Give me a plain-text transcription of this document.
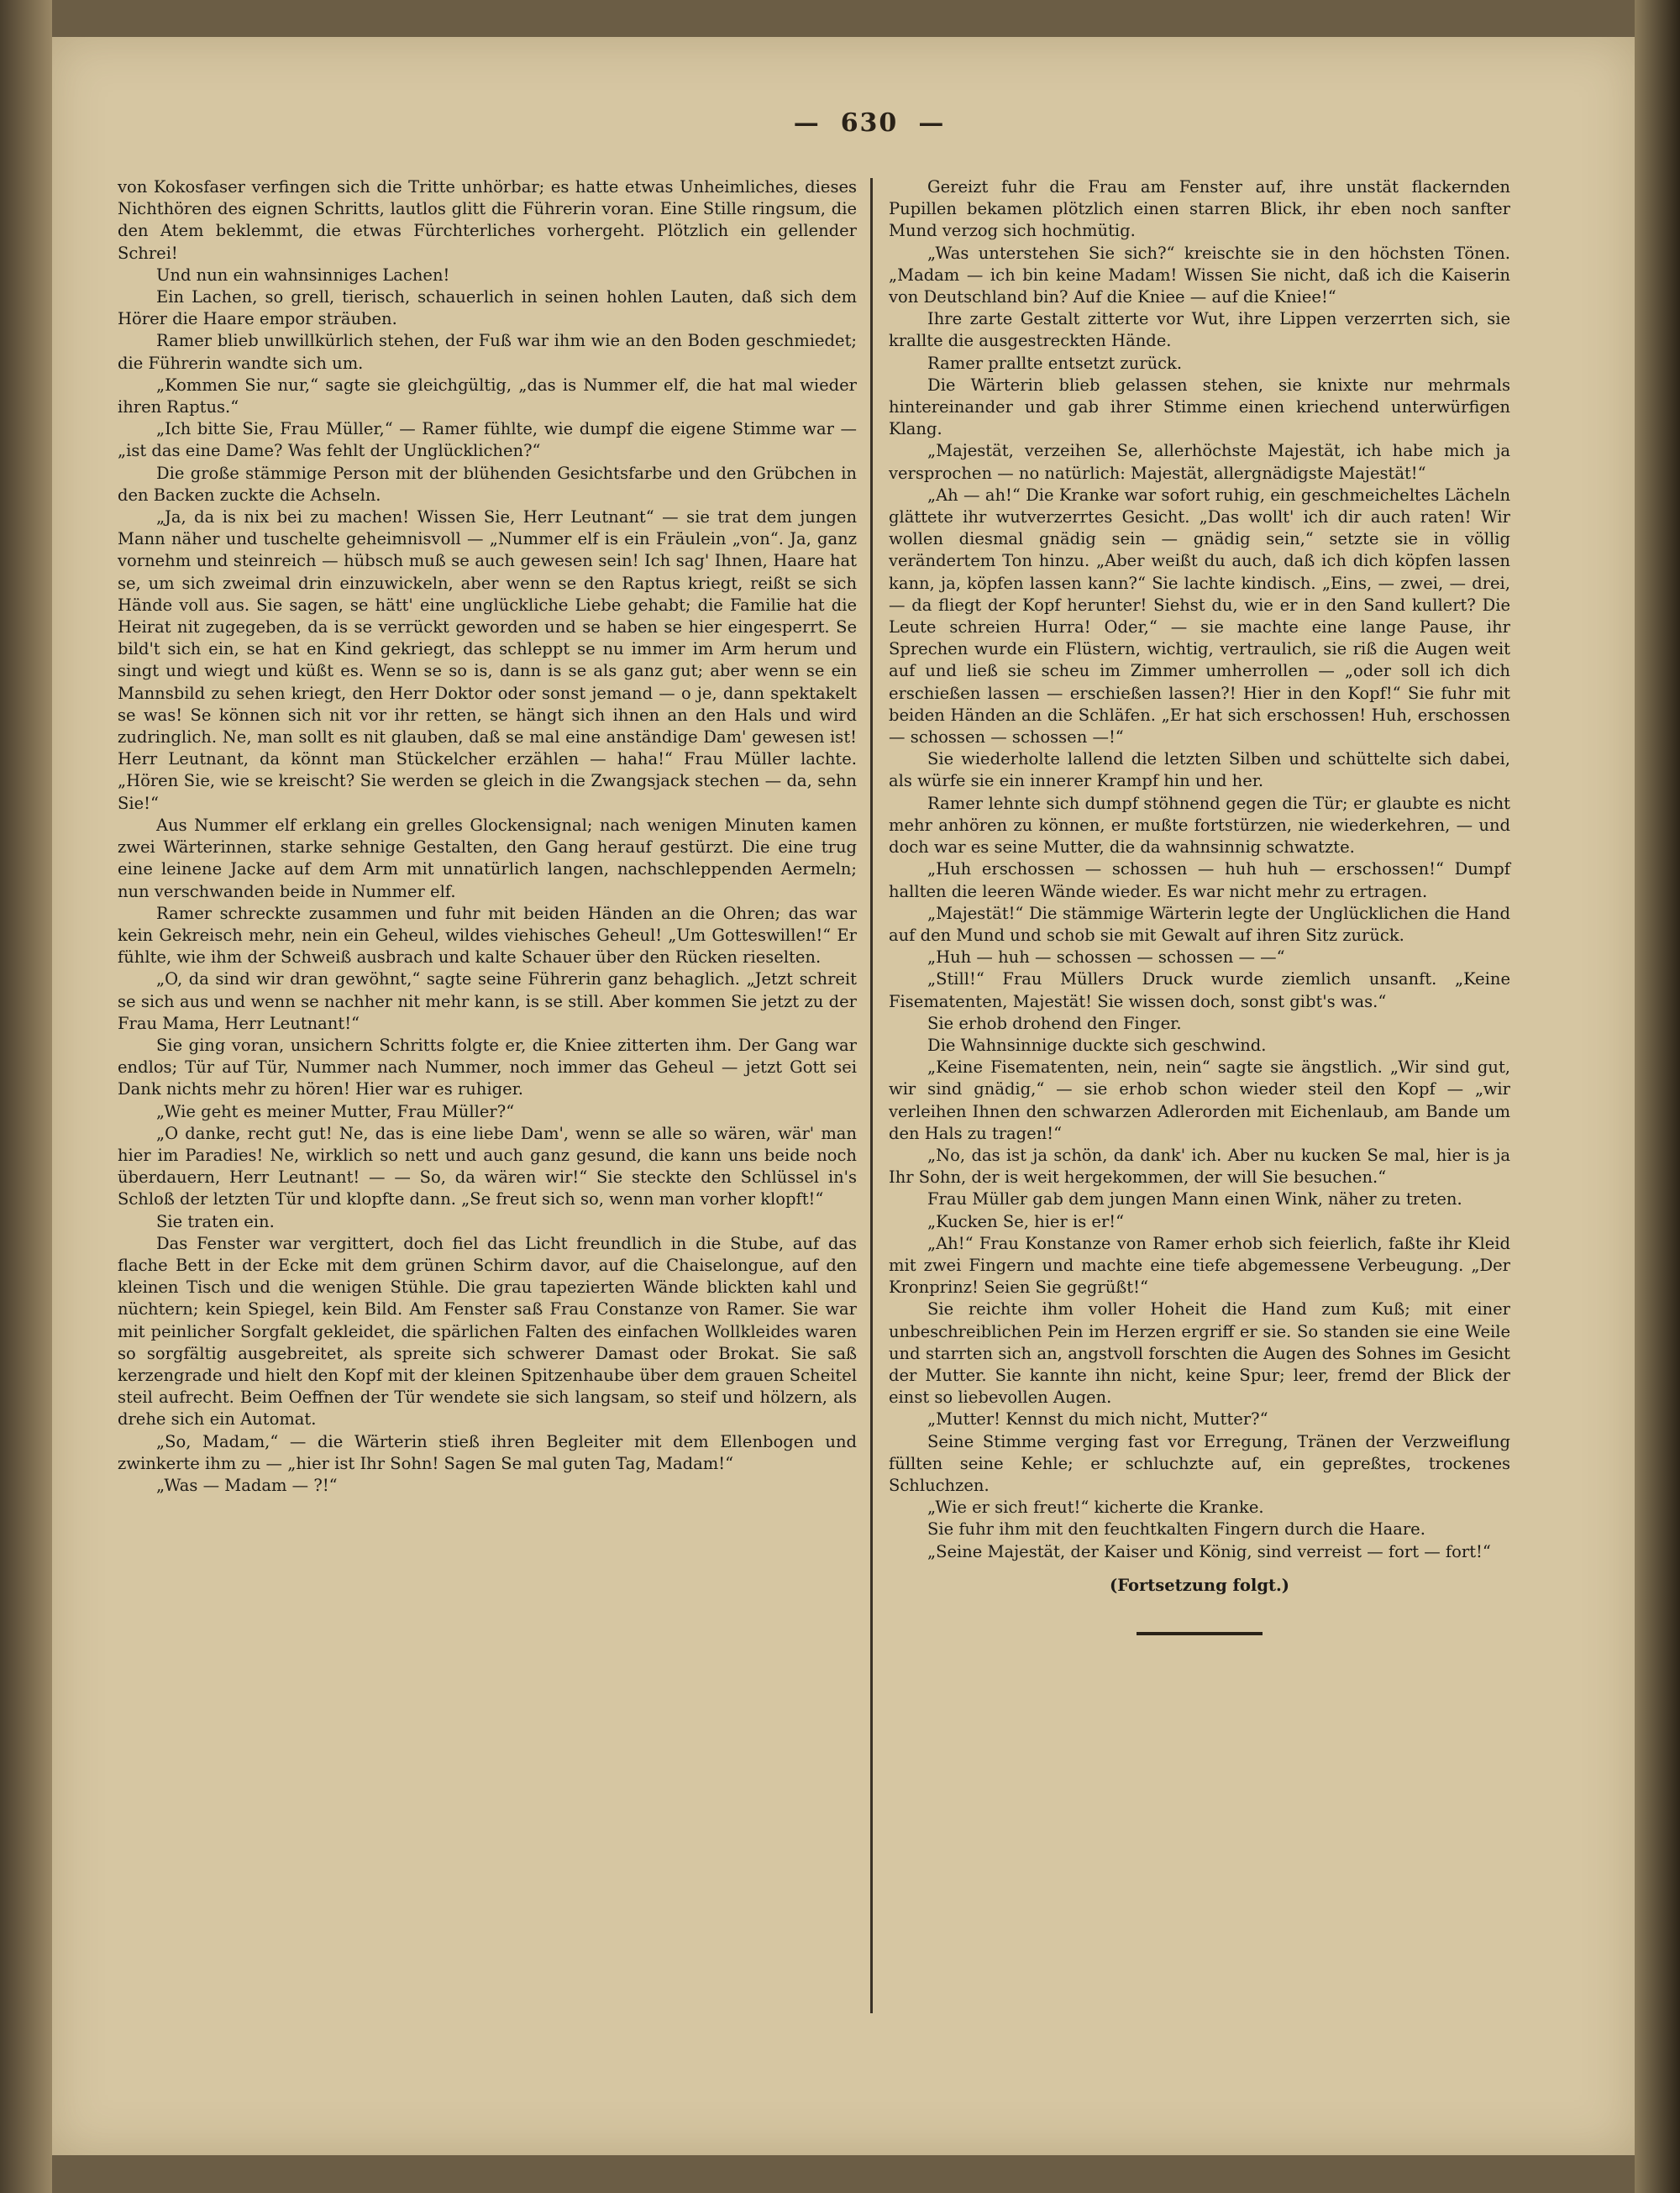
— 630 —

von Kokosfaser verfingen sich die Tritte unhörbar; es hatte etwas Unheimliches, dieses Nichthören des eignen Schritts, lautlos glitt die Führerin voran. Eine Stille ringsum, die den Atem beklemmt, die etwas Fürchterliches vorhergeht. Plötzlich ein gellender Schrei!

Und nun ein wahnsinniges Lachen!

Ein Lachen, so grell, tierisch, schauerlich in seinen hohlen Lauten, daß sich dem Hörer die Haare empor sträuben.

Ramer blieb unwillkürlich stehen, der Fuß war ihm wie an den Boden geschmiedet; die Führerin wandte sich um.

„Kommen Sie nur,“ sagte sie gleichgültig, „das is Nummer elf, die hat mal wieder ihren Raptus.“

„Ich bitte Sie, Frau Müller,“ — Ramer fühlte, wie dumpf die eigene Stimme war — „ist das eine Dame? Was fehlt der Unglücklichen?“

Die große stämmige Person mit der blühenden Gesichtsfarbe und den Grübchen in den Backen zuckte die Achseln.

„Ja, da is nix bei zu machen! Wissen Sie, Herr Leutnant“ — sie trat dem jungen Mann näher und tuschelte geheimnisvoll — „Nummer elf is ein Fräulein „von“. Ja, ganz vornehm und steinreich — hübsch muß se auch gewesen sein! Ich sag' Ihnen, Haare hat se, um sich zweimal drin einzuwickeln, aber wenn se den Raptus kriegt, reißt se sich Hände voll aus. Sie sagen, se hätt' eine unglückliche Liebe gehabt; die Familie hat die Heirat nit zugegeben, da is se verrückt geworden und se haben se hier eingesperrt. Se bild't sich ein, se hat en Kind gekriegt, das schleppt se nu immer im Arm herum und singt und wiegt und küßt es. Wenn se so is, dann is se als ganz gut; aber wenn se ein Mannsbild zu sehen kriegt, den Herr Doktor oder sonst jemand — o je, dann spektakelt se was! Se können sich nit vor ihr retten, se hängt sich ihnen an den Hals und wird zudringlich. Ne, man sollt es nit glauben, daß se mal eine anständige Dam' gewesen ist! Herr Leutnant, da könnt man Stückelcher erzählen — haha!“ Frau Müller lachte. „Hören Sie, wie se kreischt? Sie werden se gleich in die Zwangsjack stechen — da, sehn Sie!“

Aus Nummer elf erklang ein grelles Glockensignal; nach wenigen Minuten kamen zwei Wärterinnen, starke sehnige Gestalten, den Gang herauf gestürzt. Die eine trug eine leinene Jacke auf dem Arm mit unnatürlich langen, nachschleppenden Aermeln; nun verschwanden beide in Nummer elf.

Ramer schreckte zusammen und fuhr mit beiden Händen an die Ohren; das war kein Gekreisch mehr, nein ein Geheul, wildes viehisches Geheul! „Um Gotteswillen!“ Er fühlte, wie ihm der Schweiß ausbrach und kalte Schauer über den Rücken rieselten.

„O, da sind wir dran gewöhnt,“ sagte seine Führerin ganz behaglich. „Jetzt schreit se sich aus und wenn se nachher nit mehr kann, is se still. Aber kommen Sie jetzt zu der Frau Mama, Herr Leutnant!“

Sie ging voran, unsichern Schritts folgte er, die Kniee zitterten ihm. Der Gang war endlos; Tür auf Tür, Nummer nach Nummer, noch immer das Geheul — jetzt Gott sei Dank nichts mehr zu hören! Hier war es ruhiger.

„Wie geht es meiner Mutter, Frau Müller?“

„O danke, recht gut! Ne, das is eine liebe Dam', wenn se alle so wären, wär' man hier im Paradies! Ne, wirklich so nett und auch ganz gesund, die kann uns beide noch überdauern, Herr Leutnant! — — So, da wären wir!“ Sie steckte den Schlüssel in's Schloß der letzten Tür und klopfte dann. „Se freut sich so, wenn man vorher klopft!“

Sie traten ein.

Das Fenster war vergittert, doch fiel das Licht freundlich in die Stube, auf das flache Bett in der Ecke mit dem grünen Schirm davor, auf die Chaiselongue, auf den kleinen Tisch und die wenigen Stühle. Die grau tapezierten Wände blickten kahl und nüchtern; kein Spiegel, kein Bild. Am Fenster saß Frau Constanze von Ramer. Sie war mit peinlicher Sorgfalt gekleidet, die spärlichen Falten des einfachen Wollkleides waren so sorgfältig ausgebreitet, als spreite sich schwerer Damast oder Brokat. Sie saß kerzengrade und hielt den Kopf mit der kleinen Spitzenhaube über dem grauen Scheitel steil aufrecht. Beim Oeffnen der Tür wendete sie sich langsam, so steif und hölzern, als drehe sich ein Automat.

„So, Madam,“ — die Wärterin stieß ihren Begleiter mit dem Ellenbogen und zwinkerte ihm zu — „hier ist Ihr Sohn! Sagen Se mal guten Tag, Madam!“

„Was — Madam — ?!“

Gereizt fuhr die Frau am Fenster auf, ihre unstät flackernden Pupillen bekamen plötzlich einen starren Blick, ihr eben noch sanfter Mund verzog sich hochmütig.

„Was unterstehen Sie sich?“ kreischte sie in den höchsten Tönen. „Madam — ich bin keine Madam! Wissen Sie nicht, daß ich die Kaiserin von Deutschland bin? Auf die Kniee — auf die Kniee!“

Ihre zarte Gestalt zitterte vor Wut, ihre Lippen verzerrten sich, sie krallte die ausgestreckten Hände.

Ramer prallte entsetzt zurück.

Die Wärterin blieb gelassen stehen, sie knixte nur mehrmals hintereinander und gab ihrer Stimme einen kriechend unterwürfigen Klang.

„Majestät, verzeihen Se, allerhöchste Majestät, ich habe mich ja versprochen — no natürlich: Majestät, allergnädigste Majestät!“

„Ah — ah!“ Die Kranke war sofort ruhig, ein geschmeicheltes Lächeln glättete ihr wutverzerrtes Gesicht. „Das wollt' ich dir auch raten! Wir wollen diesmal gnädig sein — gnädig sein,“ setzte sie in völlig verändertem Ton hinzu. „Aber weißt du auch, daß ich dich köpfen lassen kann, ja, köpfen lassen kann?“ Sie lachte kindisch. „Eins, — zwei, — drei, — da fliegt der Kopf herunter! Siehst du, wie er in den Sand kullert? Die Leute schreien Hurra! Oder,“ — sie machte eine lange Pause, ihr Sprechen wurde ein Flüstern, wichtig, vertraulich, sie riß die Augen weit auf und ließ sie scheu im Zimmer umherrollen — „oder soll ich dich erschießen lassen — erschießen lassen?! Hier in den Kopf!“ Sie fuhr mit beiden Händen an die Schläfen. „Er hat sich erschossen! Huh, erschossen — schossen — schossen —!“

Sie wiederholte lallend die letzten Silben und schüttelte sich dabei, als würfe sie ein innerer Krampf hin und her.

Ramer lehnte sich dumpf stöhnend gegen die Tür; er glaubte es nicht mehr anhören zu können, er mußte fortstürzen, nie wiederkehren, — und doch war es seine Mutter, die da wahnsinnig schwatzte.

„Huh erschossen — schossen — huh huh — erschossen!“ Dumpf hallten die leeren Wände wieder. Es war nicht mehr zu ertragen.

„Majestät!“ Die stämmige Wärterin legte der Unglücklichen die Hand auf den Mund und schob sie mit Gewalt auf ihren Sitz zurück.

„Huh — huh — schossen — schossen — —“

„Still!“ Frau Müllers Druck wurde ziemlich unsanft. „Keine Fisematenten, Majestät! Sie wissen doch, sonst gibt's was.“

Sie erhob drohend den Finger.

Die Wahnsinnige duckte sich geschwind.

„Keine Fisematenten, nein, nein“ sagte sie ängstlich. „Wir sind gut, wir sind gnädig,“ — sie erhob schon wieder steil den Kopf — „wir verleihen Ihnen den schwarzen Adlerorden mit Eichenlaub, am Bande um den Hals zu tragen!“

„No, das ist ja schön, da dank' ich. Aber nu kucken Se mal, hier is ja Ihr Sohn, der is weit hergekommen, der will Sie besuchen.“

Frau Müller gab dem jungen Mann einen Wink, näher zu treten.

„Kucken Se, hier is er!“

„Ah!“ Frau Konstanze von Ramer erhob sich feierlich, faßte ihr Kleid mit zwei Fingern und machte eine tiefe abgemessene Verbeugung. „Der Kronprinz! Seien Sie gegrüßt!“

Sie reichte ihm voller Hoheit die Hand zum Kuß; mit einer unbeschreiblichen Pein im Herzen ergriff er sie. So standen sie eine Weile und starrten sich an, angstvoll forschten die Augen des Sohnes im Gesicht der Mutter. Sie kannte ihn nicht, keine Spur; leer, fremd der Blick der einst so liebevollen Augen.

„Mutter! Kennst du mich nicht, Mutter?“

Seine Stimme verging fast vor Erregung, Tränen der Verzweiflung füllten seine Kehle; er schluchzte auf, ein gepreßtes, trockenes Schluchzen.

„Wie er sich freut!“ kicherte die Kranke.

Sie fuhr ihm mit den feuchtkalten Fingern durch die Haare.

„Seine Majestät, der Kaiser und König, sind verreist — fort — fort!“

(Fortsetzung folgt.)
